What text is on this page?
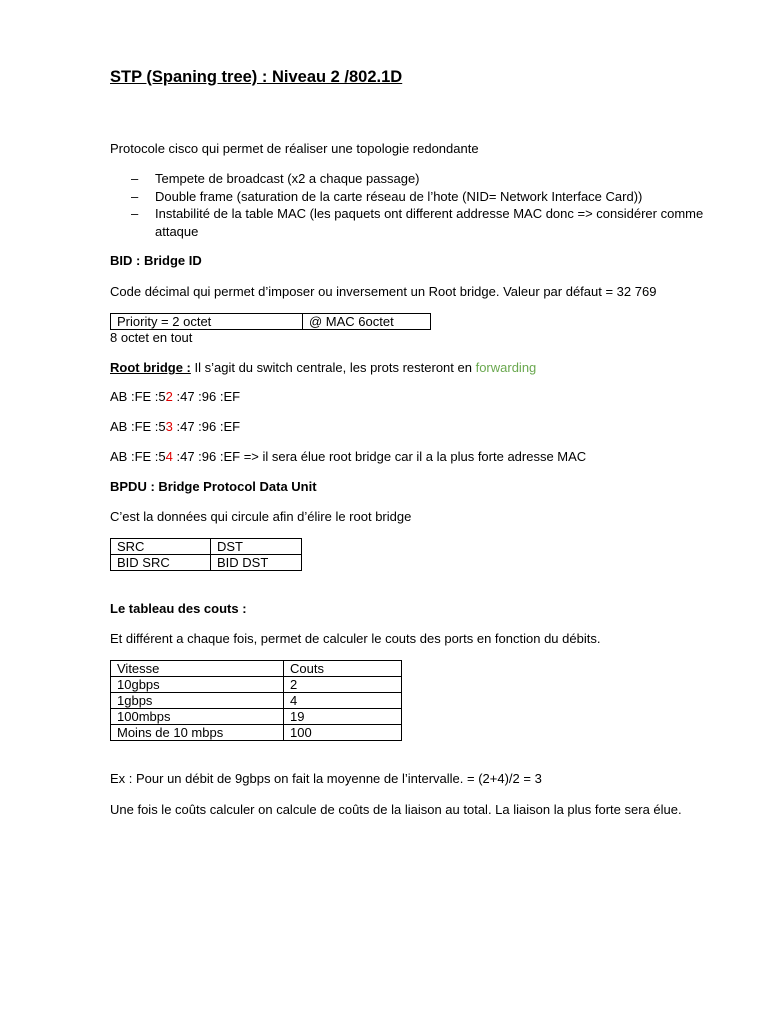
STP (Spaning tree) : Niveau 2 /802.1D
Protocole cisco qui permet de réaliser une topologie redondante
– Tempete de broadcast (x2 a chaque passage)
– Double frame (saturation de la carte réseau de l’hote (NID= Network Interface Card))
– Instabilité de la table MAC (les paquets ont different addresse MAC donc => considérer comme attaque
BID : Bridge ID
Code décimal qui permet d’imposer ou inversement un Root bridge. Valeur par défaut = 32 769
Priority = 2 octet	@ MAC 6octet
8 octet en tout
Root bridge : Il s’agit du switch centrale, les prots resteront en forwarding
AB :FE :52 :47 :96 :EF
AB :FE :53 :47 :96 :EF
AB :FE :54 :47 :96 :EF => il sera élue root bridge car il a la plus forte adresse MAC
BPDU : Bridge Protocol Data Unit
C’est la données qui circule afin d’élire le root bridge
SRC	DST
BID SRC	BID DST
Le tableau des couts :
Et différent a chaque fois, permet de calculer le couts des ports en fonction du débits.
Vitesse	Couts
10gbps	2
1gbps	4
100mbps	19
Moins de 10 mbps	100
Ex : Pour un débit de 9gbps on fait la moyenne de l’intervalle. = (2+4)/2 = 3
Une fois le coûts calculer on calcule de coûts de la liaison au total. La liaison la plus forte sera élue.
